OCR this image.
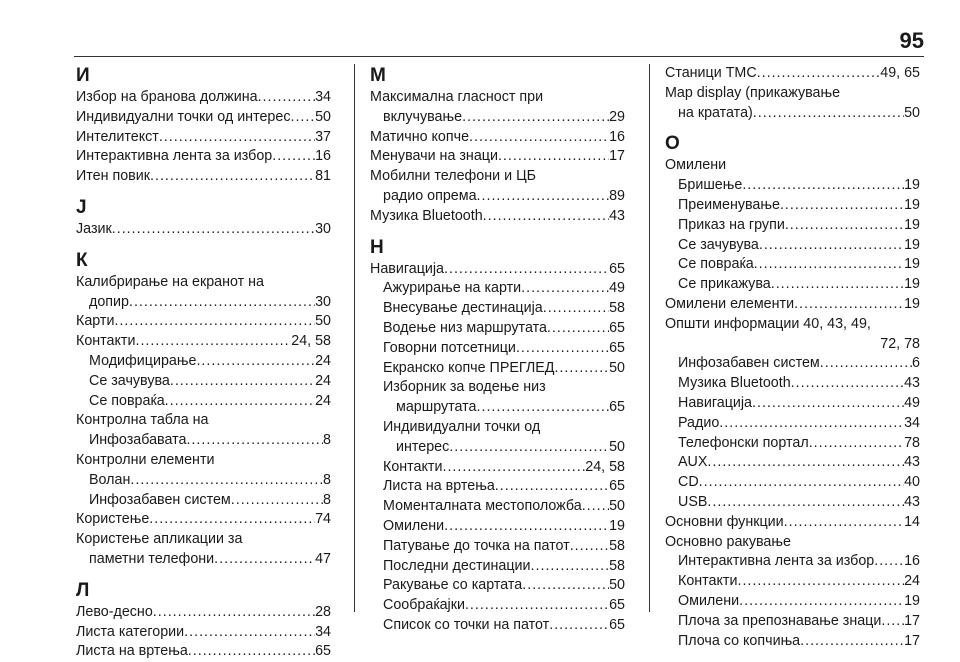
95
И
Избор на бранова должина .....	34
Индивидуални точки од интерес ..... 50
Интелитекст .....	37
Интерактивна лента за избор .....	16
Итен повик .....	81
Ј
Јазик .....	30
К
Калибрирање на екранот на
допир .....	30
Карти .....	50
Контакти .....	24, 58
Модифицирање .....	24
Се зачувува .....	24
Се повраќа .....	24
Контролна табла на
Инфозабавата .....	8
Контролни елементи
Волан .....	8
Инфозабавен систем .....	8
Користење .....	74
Користење апликации за
паметни телефони .....	47
Л
Лево-десно .....	28
Листа категории .....	34
Листа на вртења .....	65
М
Максимална гласност при
вклучување .....	29
Матично копче .....	16
Менувачи на знаци .....	17
Мобилни телефони и ЦБ
радио опрема .....	89
Музика Bluetooth .....	43
Н
Навигација .....	65
Ажурирање на карти .....	49
Внесување дестинација .....	58
Водење низ маршрутата .....	65
Говорни потсетници .....	65
Екранско копче ПРЕГЛЕД .....	50
Изборник за водење низ
маршрутата .....	65
Индивидуални точки од
интерес .....	50
Контакти .....	24, 58
Листа на вртења .....	65
Моменталната местоположба ..... 50
Омилени .....	19
Патување до точка на патот .....	58
Последни дестинации .....	58
Ракување со картата .....	50
Сообраќајки .....	65
Список со точки на патот .....	65
Станици TMC .....	49, 65
Map display (прикажување
на кратата) .....	50
О
Омилени
Бришење .....	19
Преименување .....	19
Приказ на групи .....	19
Се зачувува .....	19
Се повраќа .....	19
Се прикажува .....	19
Омилени елементи .....	19
Општи информации 40, 43, 49,
72, 78
Инфозабавен систем .....	6
Музика Bluetooth .....	43
Навигација .....	49
Радио .....	34
Телефонски портал .....	78
AUX .....	43
CD .....	40
USB .....	43
Основни функции .....	14
Основно ракување
Интерактивна лента за избор ..... 16
Контакти .....	24
Омилени .....	19
Плоча за препознавање знаци ..... 17
Плоча со копчиња .....	17
